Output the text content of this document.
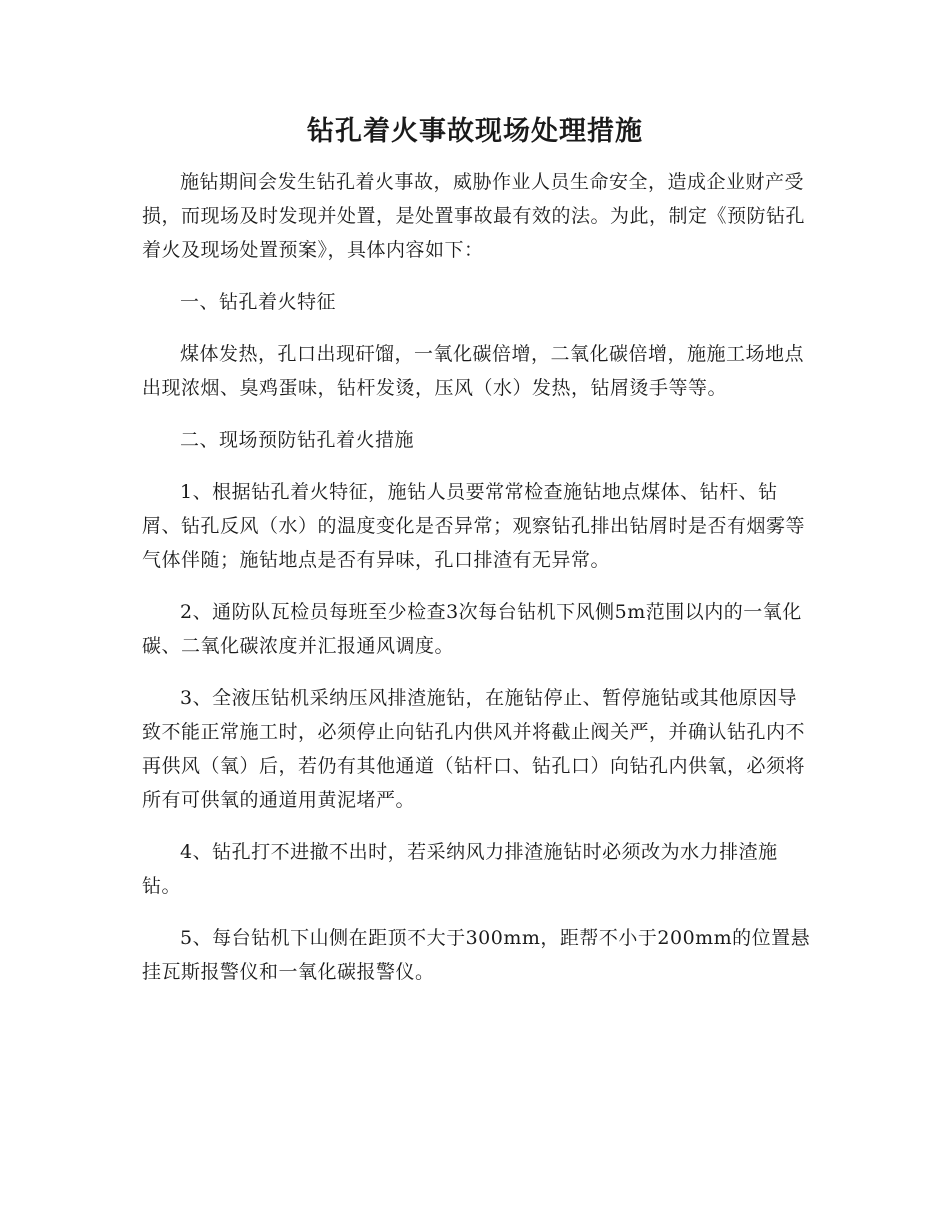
钻孔着火事故现场处理措施

施钻期间会发生钻孔着火事故，威胁作业人员生命安全，造成企业财产受损，而现场及时发现并处置，是处置事故最有效的法。为此，制定《预防钻孔着火及现场处置预案》，具体内容如下：

一、钻孔着火特征

煤体发热，孔口出现矸馏，一氧化碳倍增，二氧化碳倍增，施施工场地点出现浓烟、臭鸡蛋味，钻杆发烫，压风（水）发热，钻屑烫手等等。

二、现场预防钻孔着火措施

1、根据钻孔着火特征，施钻人员要常常检查施钻地点煤体、钻杆、钻屑、钻孔反风（水）的温度变化是否异常；观察钻孔排出钻屑时是否有烟雾等气体伴随；施钻地点是否有异味，孔口排渣有无异常。

2、通防队瓦检员每班至少检查3次每台钻机下风侧5m范围以内的一氧化碳、二氧化碳浓度并汇报通风调度。

3、全液压钻机采纳压风排渣施钻，在施钻停止、暂停施钻或其他原因导致不能正常施工时，必须停止向钻孔内供风并将截止阀关严，并确认钻孔内不再供风（氧）后，若仍有其他通道（钻杆口、钻孔口）向钻孔内供氧，必须将所有可供氧的通道用黄泥堵严。

4、钻孔打不进撤不出时，若采纳风力排渣施钻时必须改为水力排渣施钻。

5、每台钻机下山侧在距顶不大于300mm，距帮不小于200mm的位置悬挂瓦斯报警仪和一氧化碳报警仪。
